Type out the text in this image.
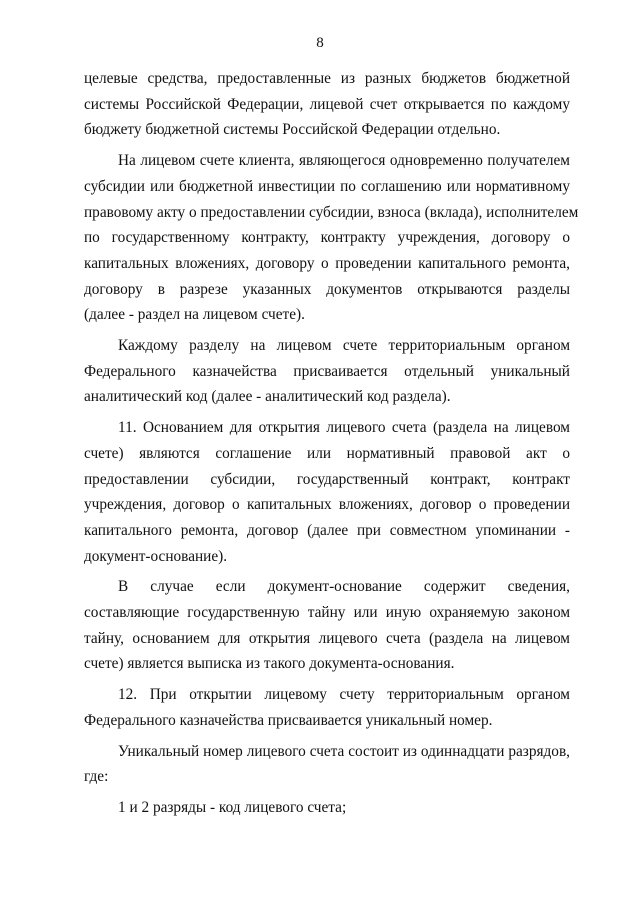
8

целевые средства, предоставленные из разных бюджетов бюджетной
системы Российской Федерации, лицевой счет открывается по каждому
бюджету бюджетной системы Российской Федерации отдельно.

На лицевом счете клиента, являющегося одновременно получателем
субсидии или бюджетной инвестиции по соглашению или нормативному
правовому акту о предоставлении субсидии, взноса (вклада), исполнителем
по государственному контракту, контракту учреждения, договору о
капитальных вложениях, договору о проведении капитального ремонта,
договору в разрезе указанных документов открываются разделы
(далее - раздел на лицевом счете).

Каждому разделу на лицевом счете территориальным органом
Федерального казначейства присваивается отдельный уникальный
аналитический код (далее - аналитический код раздела).

11. Основанием для открытия лицевого счета (раздела на лицевом
счете) являются соглашение или нормативный правовой акт о
предоставлении субсидии, государственный контракт, контракт
учреждения, договор о капитальных вложениях, договор о проведении
капитального ремонта, договор (далее при совместном упоминании -
документ-основание).

В случае если документ-основание содержит сведения,
составляющие государственную тайну или иную охраняемую законом
тайну, основанием для открытия лицевого счета (раздела на лицевом
счете) является выписка из такого документа-основания.

12. При открытии лицевому счету территориальным органом
Федерального казначейства присваивается уникальный номер.

Уникальный номер лицевого счета состоит из одиннадцати разрядов,
где:

1 и 2 разряды - код лицевого счета;
